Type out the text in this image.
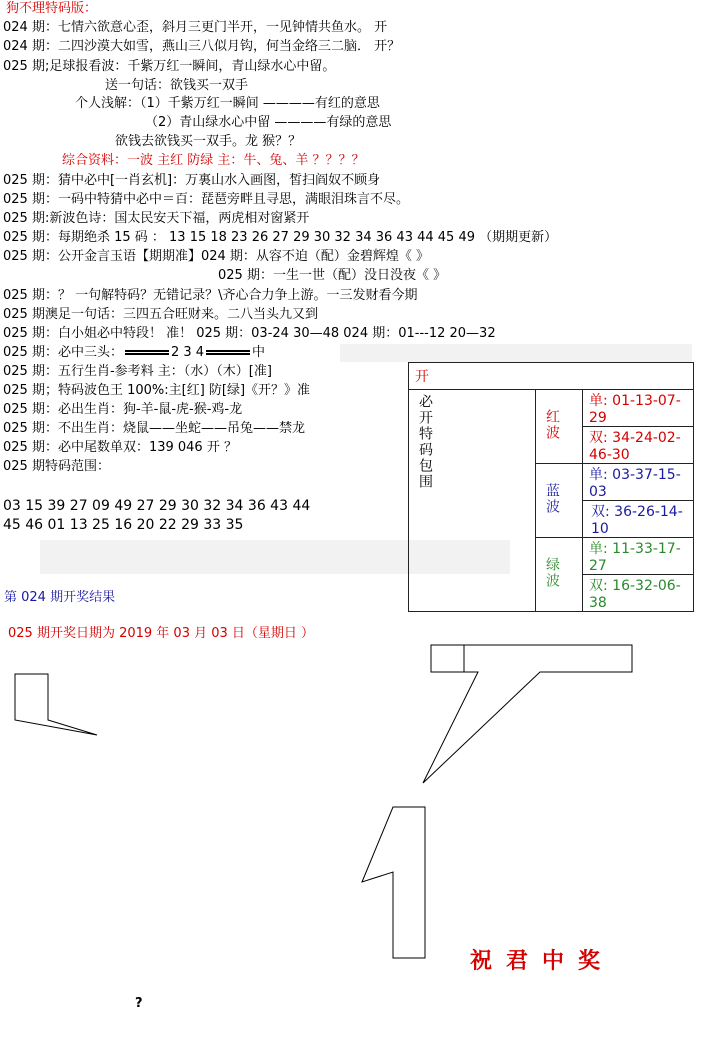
狗不理特码版：
024 期：七情六欲意心歪，斜月三更门半开，一见钟情共鱼水。 开
024 期：二四沙漠大如雪，燕山三八似月钩，何当金络三二脑． 开？
025 期;足球报看波：千紫万红一瞬间，青山绿水心中留。
送一句话：欲钱买一双手
个人浅解：（1）千紫万红一瞬间 ————有红的意思
（2）青山绿水心中留 ————有绿的意思
欲钱去欲钱买一双手。龙 猴？？
综合资料：一波 主红 防绿 主：牛、兔、羊 ？？？？
025 期：猜中必中[一肖玄机]：万裏山水入画图，皙扫阎奴不顾身
025 期：一码中特猜中必中＝百：琵琶旁畔且寻思，满眼泪珠言不尽。
025 期:新波色诗：国太民安天下福，两虎相对窗紧开
025 期：每期绝杀 15 码 ： 13 15 18 23 26 27 29 30 32 34 36 43 44 45 49 （期期更新）
025 期：公开金言玉语【期期准】024 期：从容不迫（配）金碧辉煌《 》
025 期：一生一世（配）没日没夜《 》
025 期：？ 一句解特码？无错记录？\齐心合力争上游。一三发财看今期
025 期澳足一句话：三四五合旺财来。二八当头九又到
025 期：白小姐必中特段！ 准！ 025 期：03-24 30—48 024 期：01---12 20—32
025 期：必中三头：	2 3 4	中
025 期：五行生肖-参考料 主：（水）（木）[准]
025 期；特码波色王 100%:主[红] 防[绿]《开？》准
025 期：必出生肖：狗-羊-鼠-虎-猴-鸡-龙
025 期：不出生肖：烧鼠——坐蛇——吊兔——禁龙
025 期：必中尾数单双：139 046 开 ？
025 期特码范围：
03 15 39 27 09 49 27 29 30 32 34 36 43 44
45 46 01 13 25 16 20 22 29 33 35
开		
必开特码包围	红波	单: 01-13-07-29
		双: 34-24-02-46-30
	蓝波	单: 03-37-15-03
		双: 36-26-14-10
	绿波	单: 11-33-17-27
		双: 16-32-06-38
第 024 期开奖结果
025 期开奖日期为 2019 年 03 月 03 日（星期日 ）
祝君中奖
?
